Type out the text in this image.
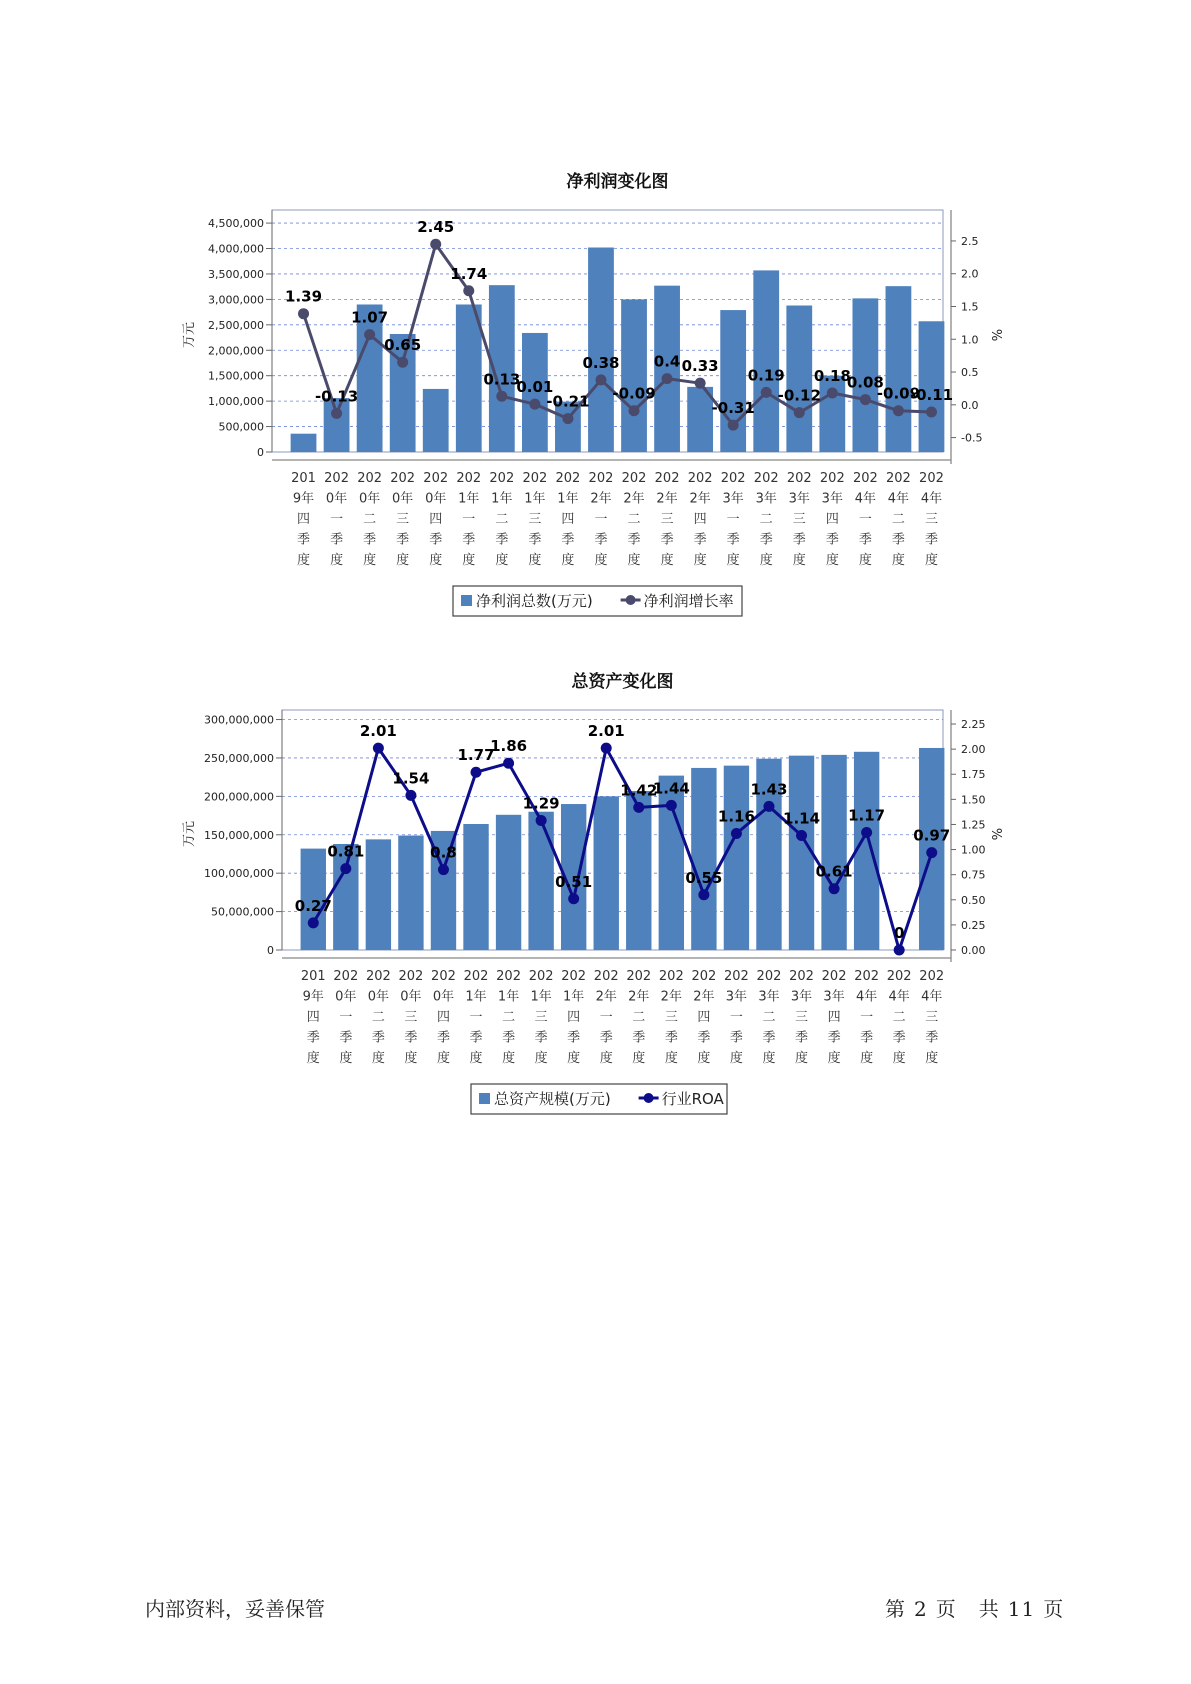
净利润变化图
0
500,000
1,000,000
1,500,000
2,000,000
2,500,000
3,000,000
3,500,000
4,000,000
4,500,000
-0.5
0.0
0.5
1.0
1.5
2.0
2.5
万元	%
1.39
-0.13
1.07
0.65
2.45
1.74
0.13
0.01
-0.21
0.38
-0.09
0.4 0.33
-0.31
0.19
-0.12
0.18
0.08
-0.09
-0.11
201
9年
四
季
度
202
0年
一
季
度
202
0年
二
季
度
202
0年
三
季
度
202
0年
四
季
度
202
1年
一
季
度
202
1年
二
季
度
202
1年
三
季
度
202
1年
四
季
度
202
2年
一
季
度
202
2年
二
季
度
202
2年
三
季
度
202
2年
四
季
度
202
3年
一
季
度
202
3年
二
季
度
202
3年
三
季
度
202
3年
四
季
度
202
4年
一
季
度
202
4年
二
季
度
202
4年
三
季
度
净利润总数(万元)	净利润增长率
总资产变化图
0
50,000,000
100,000,000
150,000,000
200,000,000
250,000,000
300,000,000
0.00
0.25
0.50
0.75
1.00
1.25
1.50
1.75
2.00
2.25
万元	%
0.27
0.81
2.01
1.54
0.8
1.77
1.86
1.29
0.51
2.01
1.42
1.44
0.55
1.16
1.43
1.14
0.61
1.17
0
0.97
201
9年
四
季
度
202
0年
一
季
度
202
0年
二
季
度
202
0年
三
季
度
202
0年
四
季
度
202
1年
一
季
度
202
1年
二
季
度
202
1年
三
季
度
202
1年
四
季
度
202
2年
一
季
度
202
2年
二
季
度
202
2年
三
季
度
202
2年
四
季
度
202
3年
一
季
度
202
3年
二
季
度
202
3年
三
季
度
202
3年
四
季
度
202
4年
一
季
度
202
4年
二
季
度
202
4年
三
季
度
总资产规模(万元)	行业ROA
内部资料，妥善保管	第 2 页 共 11 页
